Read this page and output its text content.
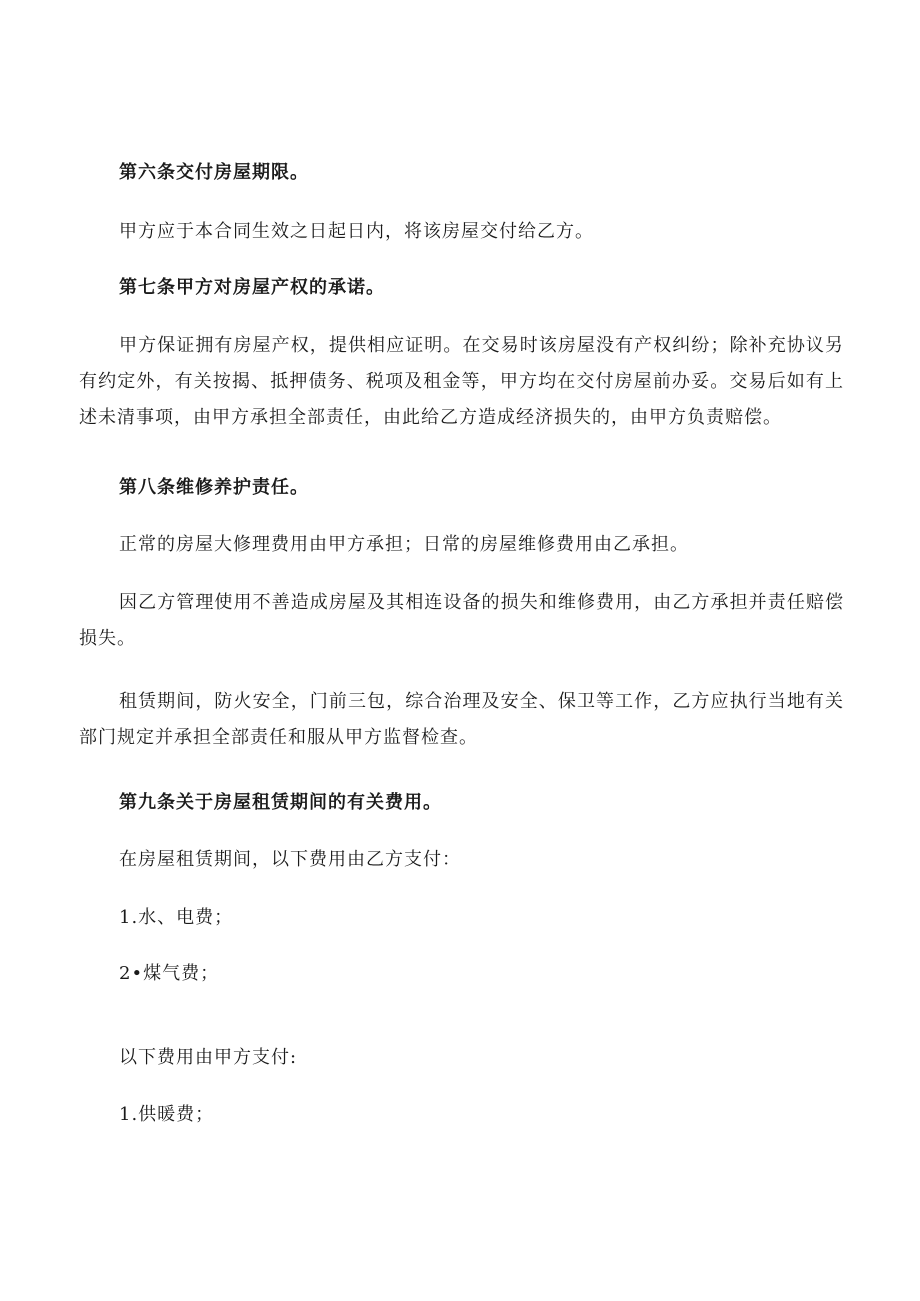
第六条交付房屋期限。

甲方应于本合同生效之日起日内，将该房屋交付给乙方。

第七条甲方对房屋产权的承诺。

甲方保证拥有房屋产权，提供相应证明。在交易时该房屋没有产权纠纷；除补充协议另有约定外，有关按揭、抵押债务、税项及租金等，甲方均在交付房屋前办妥。交易后如有上述未清事项，由甲方承担全部责任，由此给乙方造成经济损失的，由甲方负责赔偿。

第八条维修养护责任。

正常的房屋大修理费用由甲方承担；日常的房屋维修费用由乙承担。

因乙方管理使用不善造成房屋及其相连设备的损失和维修费用，由乙方承担并责任赔偿损失。

租赁期间，防火安全，门前三包，综合治理及安全、保卫等工作，乙方应执行当地有关部门规定并承担全部责任和服从甲方监督检查。

第九条关于房屋租赁期间的有关费用。

在房屋租赁期间，以下费用由乙方支付：

1.水、电费；

2•煤气费；

以下费用由甲方支付:

1.供暖费；
